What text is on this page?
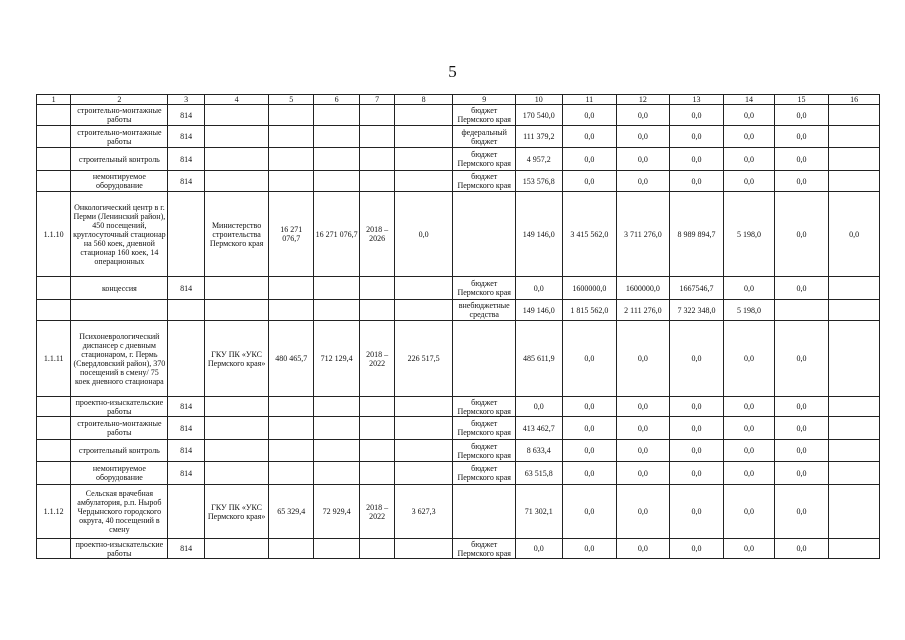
5
1	2	3	4	5	6	7	8	9	10	11	12	13	14	15	16
	строительно-монтажные работы	814						бюджет Пермского края	170 540,0	0,0	0,0	0,0	0,0	0,0	
	строительно-монтажные работы	814						федеральный бюджет	111 379,2	0,0	0,0	0,0	0,0	0,0	
	строительный контроль	814						бюджет Пермского края	4 957,2	0,0	0,0	0,0	0,0	0,0	
	немонтируемое оборудование	814						бюджет Пермского края	153 576,8	0,0	0,0	0,0	0,0	0,0	
1.1.10	Онкологический центр в г. Перми (Ленинский район), 450 посещений, круглосуточный стационар на 560 коек, дневной стационар 160 коек, 14 операционных		Министерство строительства Пермского края	16 271 076,7	16 271 076,7	2018 – 2026	0,0		149 146,0	3 415 562,0	3 711 276,0	8 989 894,7	5 198,0	0,0	0,0
	концессия	814						бюджет Пермского края	0,0	1600000,0	1600000,0	1667546,7	0,0	0,0	
								внебюджетные средства	149 146,0	1 815 562,0	2 111 276,0	7 322 348,0	5 198,0		
1.1.11	Психоневрологический диспансер с дневным стационаром, г. Пермь (Свердловский район), 370 посещений в смену/ 75 коек дневного стационара		ГКУ ПК «УКС Пермского края»	480 465,7	712 129,4	2018 – 2022	226 517,5		485 611,9	0,0	0,0	0,0	0,0	0,0	
	проектно-изыскательские работы	814						бюджет Пермского края	0,0	0,0	0,0	0,0	0,0	0,0	
	строительно-монтажные работы	814						бюджет Пермского края	413 462,7	0,0	0,0	0,0	0,0	0,0	
	строительный контроль	814						бюджет Пермского края	8 633,4	0,0	0,0	0,0	0,0	0,0	
	немонтируемое оборудование	814						бюджет Пермского края	63 515,8	0,0	0,0	0,0	0,0	0,0	
1.1.12	Сельская врачебная амбулатория, р.п. Ныроб Чердынского городского округа, 40 посещений в смену		ГКУ ПК «УКС Пермского края»	65 329,4	72 929,4	2018 – 2022	3 627,3		71 302,1	0,0	0,0	0,0	0,0	0,0	
	проектно-изыскательские работы	814						бюджет Пермского края	0,0	0,0	0,0	0,0	0,0	0,0	
